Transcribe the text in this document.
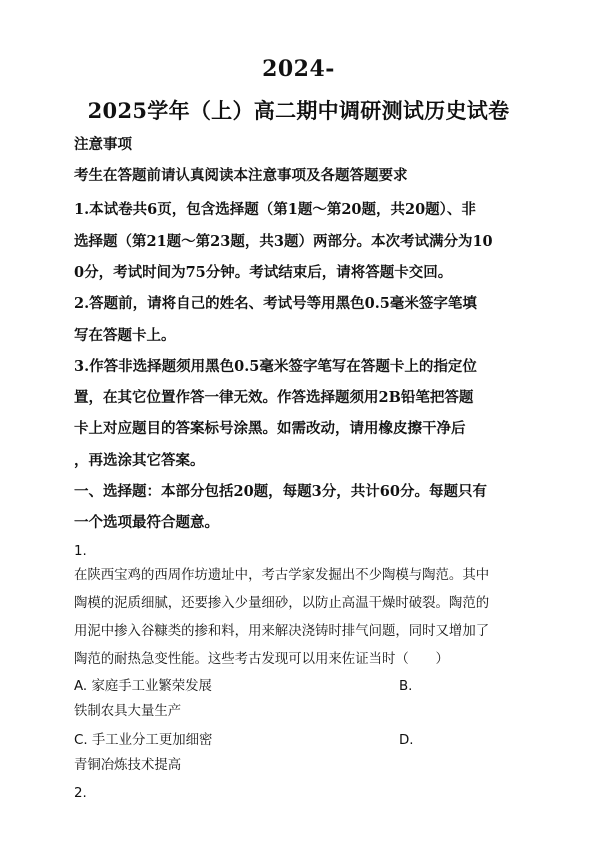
2024-
2025学年（上）高二期中调研测试历史试卷
注意事项
考生在答题前请认真阅读本注意事项及各题答题要求
1.本试卷共6页，包含选择题（第1题～第20题，共20题）、非
选择题（第21题～第23题，共3题）两部分。本次考试满分为10
0分，考试时间为75分钟。考试结束后，请将答题卡交回。
2.答题前，请将自己的姓名、考试号等用黑色0.5毫米签字笔填
写在答题卡上。
3.作答非选择题须用黑色0.5毫米签字笔写在答题卡上的指定位
置，在其它位置作答一律无效。作答选择题须用2B铅笔把答题
卡上对应题目的答案标号涂黑。如需改动，请用橡皮擦干净后
，再选涂其它答案。
一、选择题：本部分包括20题，每题3分，共计60分。每题只有
一个选项最符合题意。
1.
在陕西宝鸡的西周作坊遗址中，考古学家发掘出不少陶模与陶范。其中
陶模的泥质细腻，还要掺入少量细砂，以防止高温干燥时破裂。陶范的
用泥中掺入谷糠类的掺和料，用来解决浇铸时排气问题，同时又增加了
陶范的耐热急变性能。这些考古发现可以用来佐证当时（　　）
A. 家庭手工业繁荣发展	B.
铁制农具大量生产
C. 手工业分工更加细密	D.
青铜冶炼技术提高
2.
